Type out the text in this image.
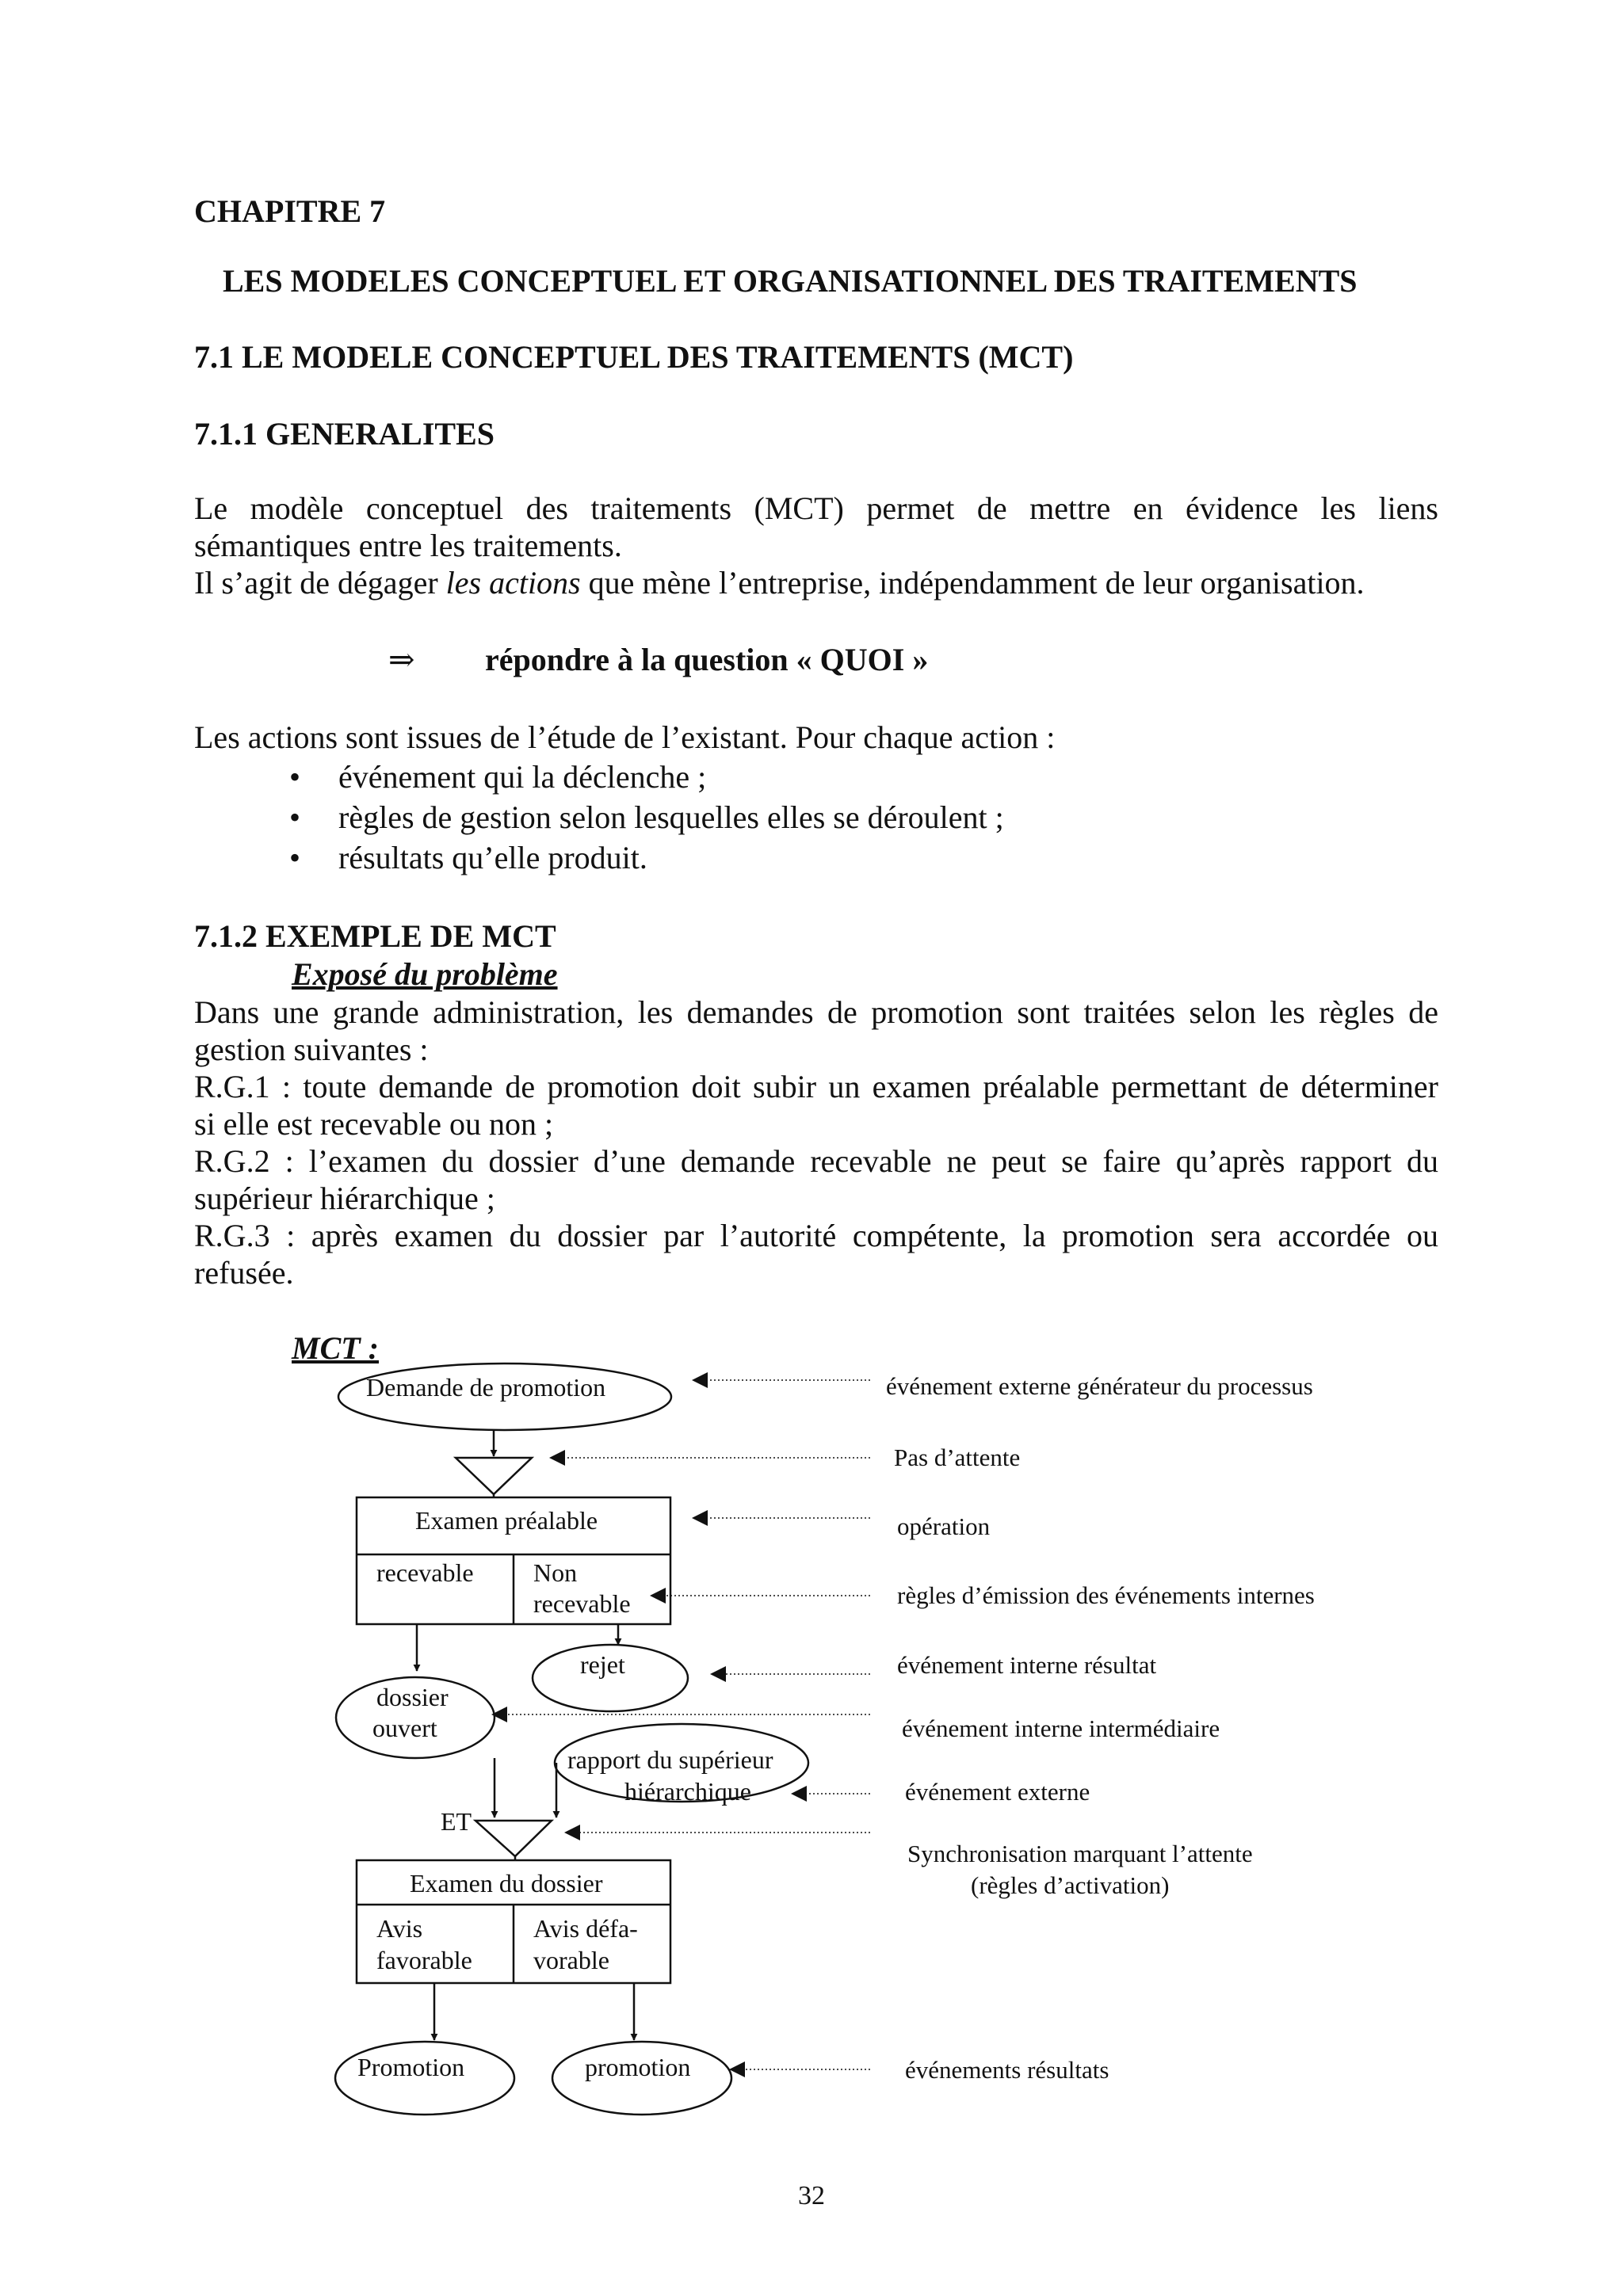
CHAPITRE 7
LES MODELES CONCEPTUEL ET ORGANISATIONNEL DES TRAITEMENTS
7.1 LE MODELE CONCEPTUEL DES TRAITEMENTS (MCT)
7.1.1 GENERALITES
Le modèle conceptuel des traitements (MCT) permet de mettre en évidence les liens
sémantiques entre les traitements.
Il s’agit de dégager les actions que mène l’entreprise, indépendamment de leur organisation.
⇒ répondre à la question « QUOI »
Les actions sont issues de l’étude de l’existant. Pour chaque action :
• événement qui la déclenche ;
• règles de gestion selon lesquelles elles se déroulent ;
• résultats qu’elle produit.
7.1.2 EXEMPLE DE MCT
Exposé du problème
Dans une grande administration, les demandes de promotion sont traitées selon les règles de
gestion suivantes :
R.G.1 : toute demande de promotion doit subir un examen préalable permettant de déterminer
si elle est recevable ou non ;
R.G.2 : l’examen du dossier d’une demande recevable ne peut se faire qu’après rapport du
supérieur hiérarchique ;
R.G.3 : après examen du dossier par l’autorité compétente, la promotion sera accordée ou
refusée.
Demande de promotion
Examen préalable
recevable Non
recevable
rejet
dossier
ouvert
rapport du supérieur
hiérarchique
ET
Examen du dossier
Avis
favorable
Avis défa-
vorable
Promotion	promotion
événement externe générateur du processus
Pas d’attente
opération
règles d’émission des événements internes
événement interne résultat
événement interne intermédiaire
événement externe
Synchronisation marquant l’attente
(règles d’activation)
événements résultats
MCT :
32
